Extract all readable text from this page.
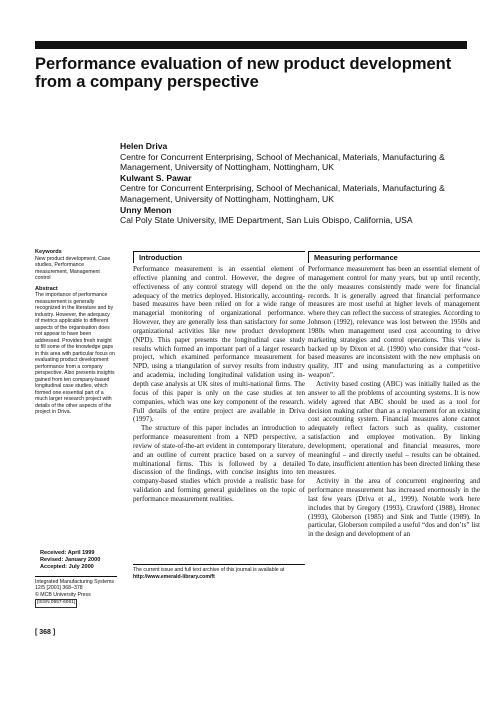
Performance evaluation of new product development from a company perspective
Helen Driva
Centre for Concurrent Enterprising, School of Mechanical, Materials, Manufacturing & Management, University of Nottingham, Nottingham, UK
Kulwant S. Pawar
Centre for Concurrent Enterprising, School of Mechanical, Materials, Manufacturing & Management, University of Nottingham, Nottingham, UK
Unny Menon
Cal Poly State University, IME Department, San Luis Obispo, California, USA
Keywords

New product development, Case studies, Performance measurement, Management control

Abstract

The importance of performance measurement is generally recognized in the literature and by industry. However, the adequacy of metrics applicable to different aspects of the organisation does not appear to have been addressed. Provides fresh insight to fill some of the knowledge gaps in this area with particular focus on evaluating product development performance from a company perspective. Also presents insights gained from ten company-based longitudinal case studies, which formed one essential part of a much larger research project with details of the other aspects of the project in Driva.

Received: April 1999
Revised: January 2000
Accepted: July 2000
Integrated Manufacturing Systems
12/5 [2001] 368–378
© MCB University Press
[ISSN 0957-6061]
[ 368 ]
Introduction

Performance measurement is an essential element of effective planning and control. However, the degree of effectiveness of any control strategy will depend on the adequacy of the metrics deployed. Historically, accounting-based measures have been relied on for a wide range of managerial monitoring of organizational performance. However, they are generally less than satisfactory for some organizational activities like new product development (NPD). This paper presents the longitudinal case study results which formed an important part of a larger research project, which examined performance measurement for NPD, using a triangulation of survey results from industry and academia, including longitudinal validation using in-depth case analysis at UK sites of multi-national firms. The focus of this paper is only on the case studies at ten companies, which was one key component of the research. Full details of the entire project are available in Driva (1997).

The structure of this paper includes an introduction to performance measurement from a NPD perspective, a review of state-of-the-art evident in contemporary literature, and an outline of current practice based on a survey of multinational firms. This is followed by a detailed discussion of the findings, with concise insights into ten company-based studies which provide a realistic base for validation and forming general guidelines on the topic of performance measurement realities.

The current issue and full text archive of this journal is available at
http://www.emerald-library.com/ft
Measuring performance

Performance measurement has been an essential element of management control for many years, but up until recently, the only measures consistently made were for financial records. It is generally agreed that financial performance measures are most useful at higher levels of management where they can reflect the success of strategies. According to Johnson (1992), relevance was lost between the 1950s and 1980s when management used cost accounting to drive marketing strategies and control operations. This view is backed up by Dixon et al. (1990) who consider that “cost-based measures are inconsistent with the new emphasis on quality, JIT and using manufacturing as a competitive weapon”.

Activity based costing (ABC) was initially hailed as the answer to all the problems of accounting systems. It is now widely agreed that ABC should be used as a tool for decision making rather than as a replacement for an existing cost accounting system. Financial measures alone cannot adequately reflect factors such as quality, customer satisfaction and employee motivation. By linking development, operational and financial measures, more meaningful – and directly useful – results can be obtained. To date, insufficient attention has been directed linking these measures.

Activity in the area of concurrent engineering and performance measurement has increased enormously in the last few years (Driva et al., 1999). Notable work here includes that by Gregory (1993), Crawford (1988), Hronec (1993), Globerson (1985) and Sink and Tuttle (1989). In particular, Globerson compiled a useful “dos and don’ts” list in the design and development of an
